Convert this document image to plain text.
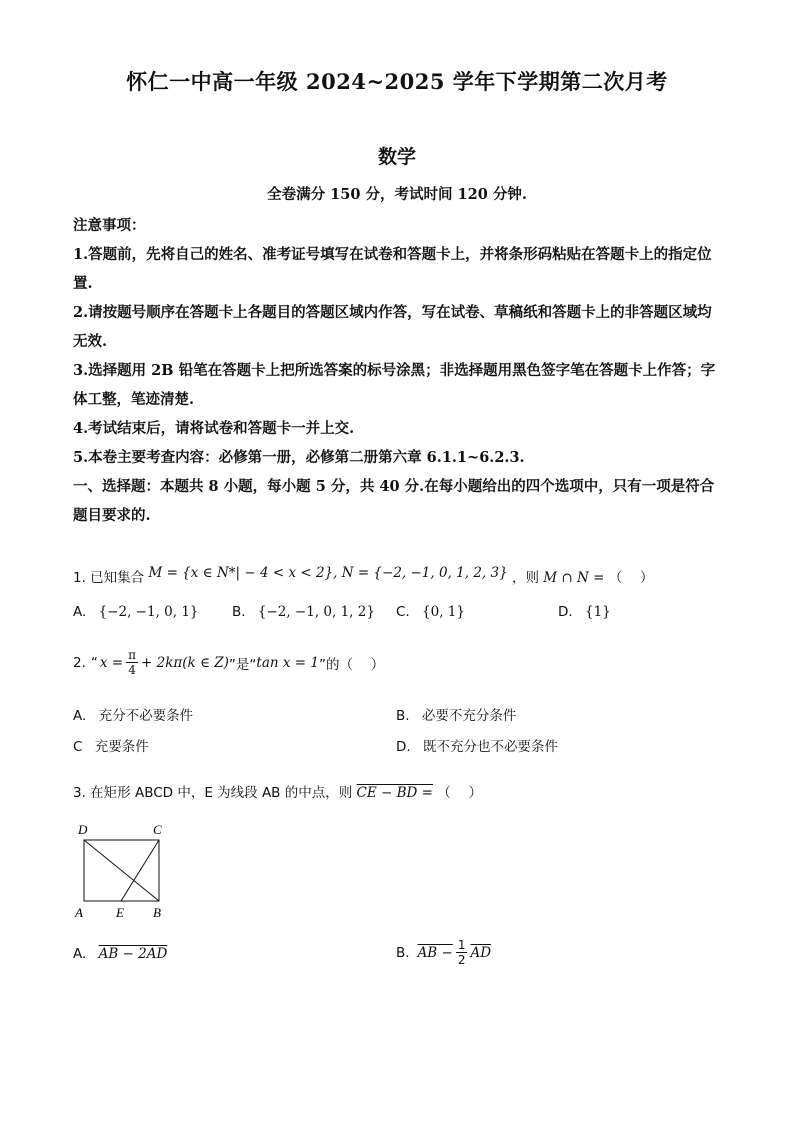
怀仁一中高一年级 2024~2025 学年下学期第二次月考
数学
全卷满分 150 分，考试时间 120 分钟.

注意事项：

1.答题前，先将自己的姓名、准考证号填写在试卷和答题卡上，并将条形码粘贴在答题卡上的指定位置.

2.请按题号顺序在答题卡上各题目的答题区域内作答，写在试卷、草稿纸和答题卡上的非答题区域均无效.

3.选择题用 2B 铅笔在答题卡上把所选答案的标号涂黑；非选择题用黑色签字笔在答题卡上作答；字体工整，笔迹清楚.

4.考试结束后，请将试卷和答题卡一并上交.

5.本卷主要考查内容：必修第一册，必修第二册第六章 6.1.1~6.2.3.

一、选择题：本题共 8 小题，每小题 5 分，共 40 分.在每小题给出的四个选项中，只有一项是符合题目要求的.

1. 已知集合 M = {x ∈ N*| − 4 < x < 2}, N = {−2, −1, 0, 1, 2, 3} ，则 M ∩ N = （　 ）
A. {−2, −1, 0, 1} B. {−2, −1, 0, 1, 2} C. {0, 1}	D. {1}
2. “ $x = \frac{\pi}{4} + 2k\pi(k$ ∈ Z) ”是“ tan x = 1 ”的（　 ）
A. 充分不必要条件	B. 必要不充分条件
C 充要条件	D. 既不充分也不必要条件
3. 在矩形 ABCD 中，E 为线段 AB 的中点，则 CE − BD = （　 ）
D	C
A	E B
A. AB − 2AD	B. AB − $\frac{1}{2} \overline{AD}$
